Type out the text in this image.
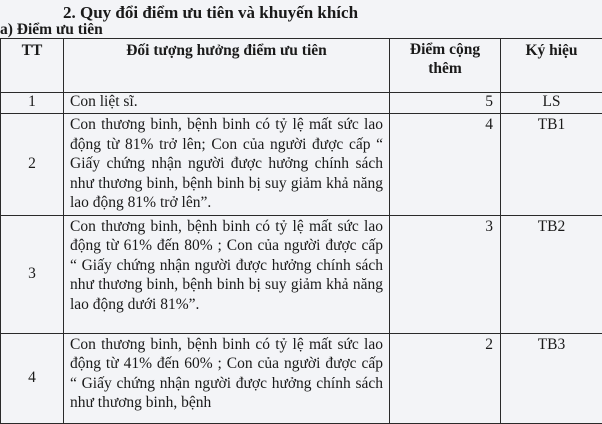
2. Quy đổi điểm ưu tiên và khuyến khích
a) Điểm ưu tiên
TT	Đối tượng hưởng điểm ưu tiên	Điểm cộng thêm	Ký hiệu
1	Con liệt sĩ.	5	LS
2	Con thương binh, bệnh binh có tỷ lệ mất sức lao động từ 81% trở lên; Con của người được cấp “ Giấy chứng nhận người được hưởng chính sách như thương binh, bệnh binh bị suy giảm khả năng lao động 81% trở lên”.	4	TB1
3	Con thương binh, bệnh binh có tỷ lệ mất sức lao động từ 61% đến 80% ; Con của người được cấp “ Giấy chứng nhận người được hưởng chính sách như thương binh, bệnh binh bị suy giảm khả năng lao động dưới 81%”.	3	TB2
4	Con thương binh, bệnh binh có tỷ lệ mất sức lao động từ 41% đến 60% ; Con của người được cấp “ Giấy chứng nhận người được hưởng chính sách như thương binh, bệnh	2	TB3
